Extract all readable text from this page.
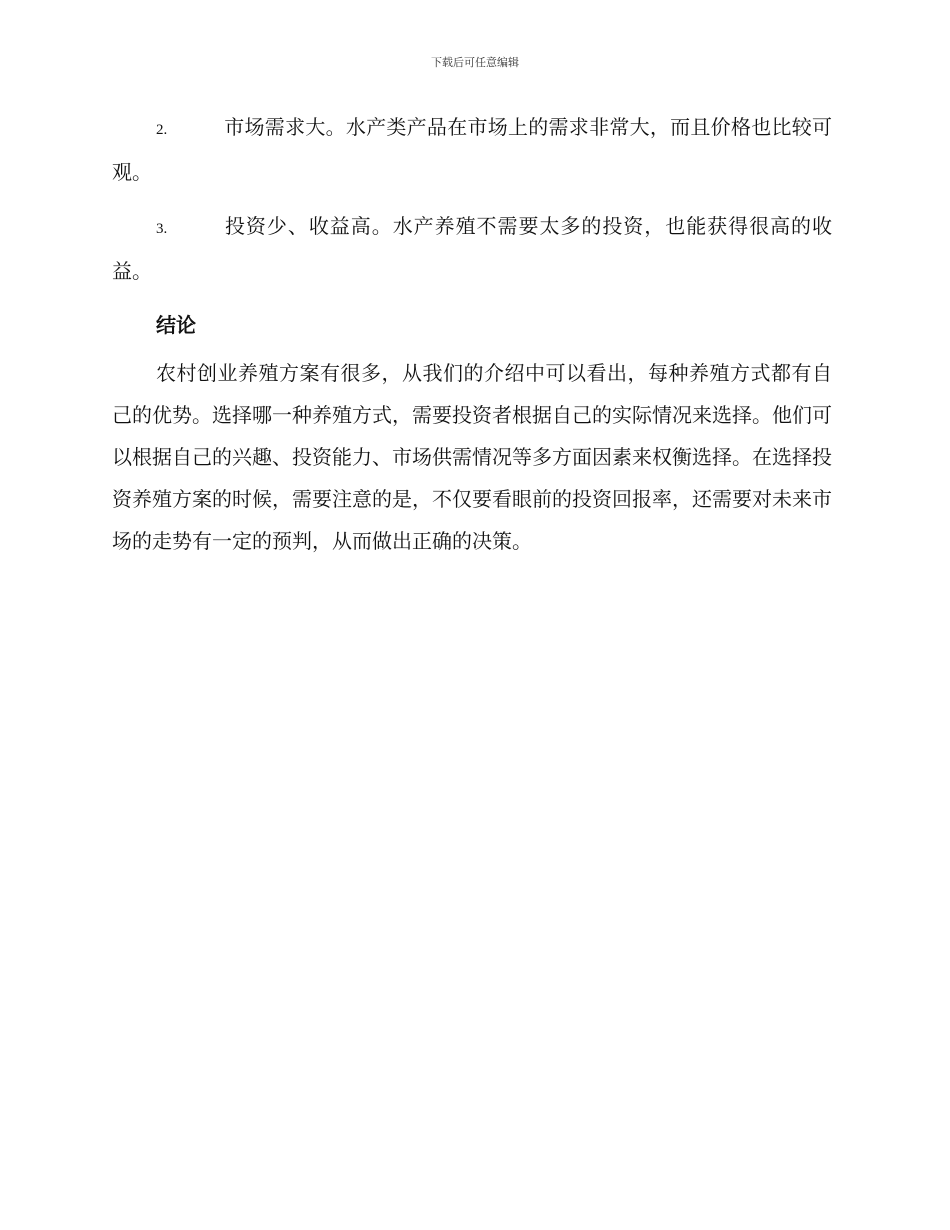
下载后可任意编辑

2.	市场需求大。水产类产品在市场上的需求非常大，而且价格也比较可观。

3.	投资少、收益高。水产养殖不需要太多的投资，也能获得很高的收益。

结论

农村创业养殖方案有很多，从我们的介绍中可以看出，每种养殖方式都有自己的优势。选择哪一种养殖方式，需要投资者根据自己的实际情况来选择。他们可以根据自己的兴趣、投资能力、市场供需情况等多方面因素来权衡选择。在选择投资养殖方案的时候，需要注意的是，不仅要看眼前的投资回报率，还需要对未来市场的走势有一定的预判，从而做出正确的决策。
